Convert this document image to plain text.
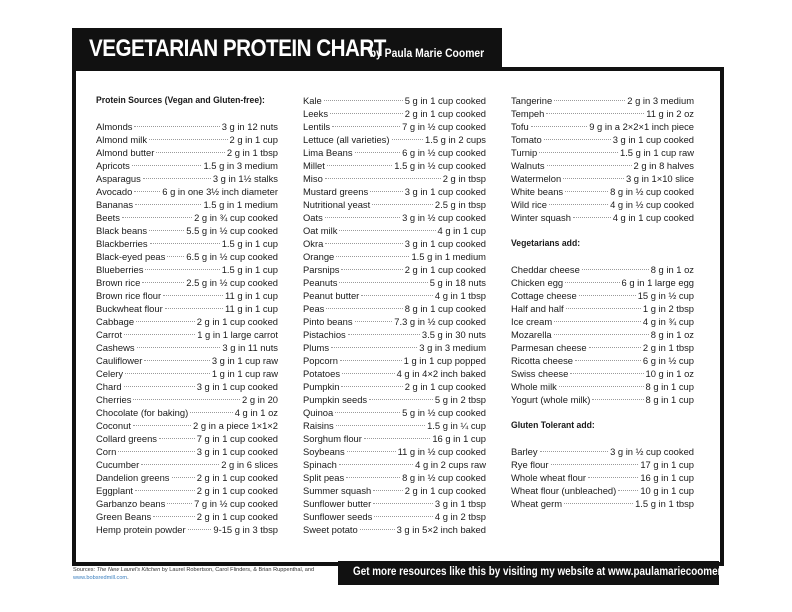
VEGETARIAN PROTEIN CHART
by Paula Marie Coomer
Protein Sources (Vegan and Gluten-free):
Almonds	3 g in 12 nuts
Almond milk	2 g in 1 cup
Almond butter	2 g in 1 tbsp
Apricots	1.5 g in 3 medium
Asparagus	3 g in 1½ stalks
Avocado	6 g in one 3½ inch diameter
Bananas	1.5 g in 1 medium
Beets	2 g in ¾ cup cooked
Black beans	5.5 g in ½ cup cooked
Blackberries	1.5 g in 1 cup
Black-eyed peas 6.5 g in ½ cup cooked
Blueberries	1.5 g in 1 cup
Brown rice	2.5 g in ½ cup cooked
Brown rice flour	11 g in 1 cup
Buckwheat flour	11 g in 1 cup
Cabbage	2 g in 1 cup cooked
Carrot	1 g in 1 large carrot
Cashews	3 g in 11 nuts
Cauliflower	3 g in 1 cup raw
Celery	1 g in 1 cup raw
Chard	3 g in 1 cup cooked
Cherries	2 g in 20
Chocolate (for baking)	4 g in 1 oz
Coconut	2 g in a piece 1×1×2
Collard greens	7 g in 1 cup cooked
Corn	3 g in 1 cup cooked
Cucumber	2 g in 6 slices
Dandelion greens	2 g in 1 cup cooked
Eggplant	2 g in 1 cup cooked
Garbanzo beans	7 g in ½ cup cooked
Green Beans	2 g in 1 cup cooked
Hemp protein powder	9-15 g in 3 tbsp
Kale	5 g in 1 cup cooked
Leeks	2 g in 1 cup cooked
Lentils	7 g in ½ cup cooked
Lettuce (all varieties)	1.5 g in 2 cups
Lima Beans	6 g in ½ cup cooked
Millet	1.5 g in ½ cup cooked
Miso	2 g in tbsp
Mustard greens	3 g in 1 cup cooked
Nutritional yeast	2.5 g in tbsp
Oats	3 g in ½ cup cooked
Oat milk	4 g in 1 cup
Okra	3 g in 1 cup cooked
Orange	1.5 g in 1 medium
Parsnips	2 g in 1 cup cooked
Peanuts	5 g in 18 nuts
Peanut butter	4 g in 1 tbsp
Peas	8 g in 1 cup cooked
Pinto beans	7.3 g in ½ cup cooked
Pistachios	3.5 g in 30 nuts
Plums	3 g in 3 medium
Popcorn	1 g in 1 cup popped
Potatoes	4 g in 4×2 inch baked
Pumpkin	2 g in 1 cup cooked
Pumpkin seeds	5 g in 2 tbsp
Quinoa	5 g in ½ cup cooked
Raisins	1.5 g in ¼ cup
Sorghum flour	16 g in 1 cup
Soybeans	11 g in ½ cup cooked
Spinach	4 g in 2 cups raw
Split peas	8 g in ½ cup cooked
Summer squash	2 g in 1 cup cooked
Sunflower butter	3 g in 1 tbsp
Sunflower seeds	4 g in 2 tbsp
Sweet potato	3 g in 5×2 inch baked
Tangerine	2 g in 3 medium
Tempeh	11 g in 2 oz
Tofu	9 g in a 2×2×1 inch piece
Tomato	3 g in 1 cup cooked
Turnip	1.5 g in 1 cup raw
Walnuts	2 g in 8 halves
Watermelon	3 g in 1×10 slice
White beans	8 g in ½ cup cooked
Wild rice	4 g in ½ cup cooked
Winter squash	4 g in 1 cup cooked
Vegetarians add:
Cheddar cheese	8 g in 1 oz
Chicken egg	6 g in 1 large egg
Cottage cheese	15 g in ½ cup
Half and half	1 g in 2 tbsp
Ice cream	4 g in ¾ cup
Mozarella	8 g in 1 oz
Parmesan cheese	2 g in 1 tbsp
Ricotta cheese	6 g in ½ cup
Swiss cheese	10 g in 1 oz
Whole milk	8 g in 1 cup
Yogurt (whole milk)	8 g in 1 cup
Gluten Tolerant add:
Barley	3 g in ½ cup cooked
Rye flour	17 g in 1 cup
Whole wheat flour	16 g in 1 cup
Wheat flour (unbleached)	10 g in 1 cup
Wheat germ	1.5 g in 1 tbsp
Sources: The New Laurel's Kitchen by Laurel Robertson, Carol Flinders, & Brian Ruppenthal, and www.bobsredmill.com.	Get more resources like this by visiting my website at www.paulamariecoomer.com.
